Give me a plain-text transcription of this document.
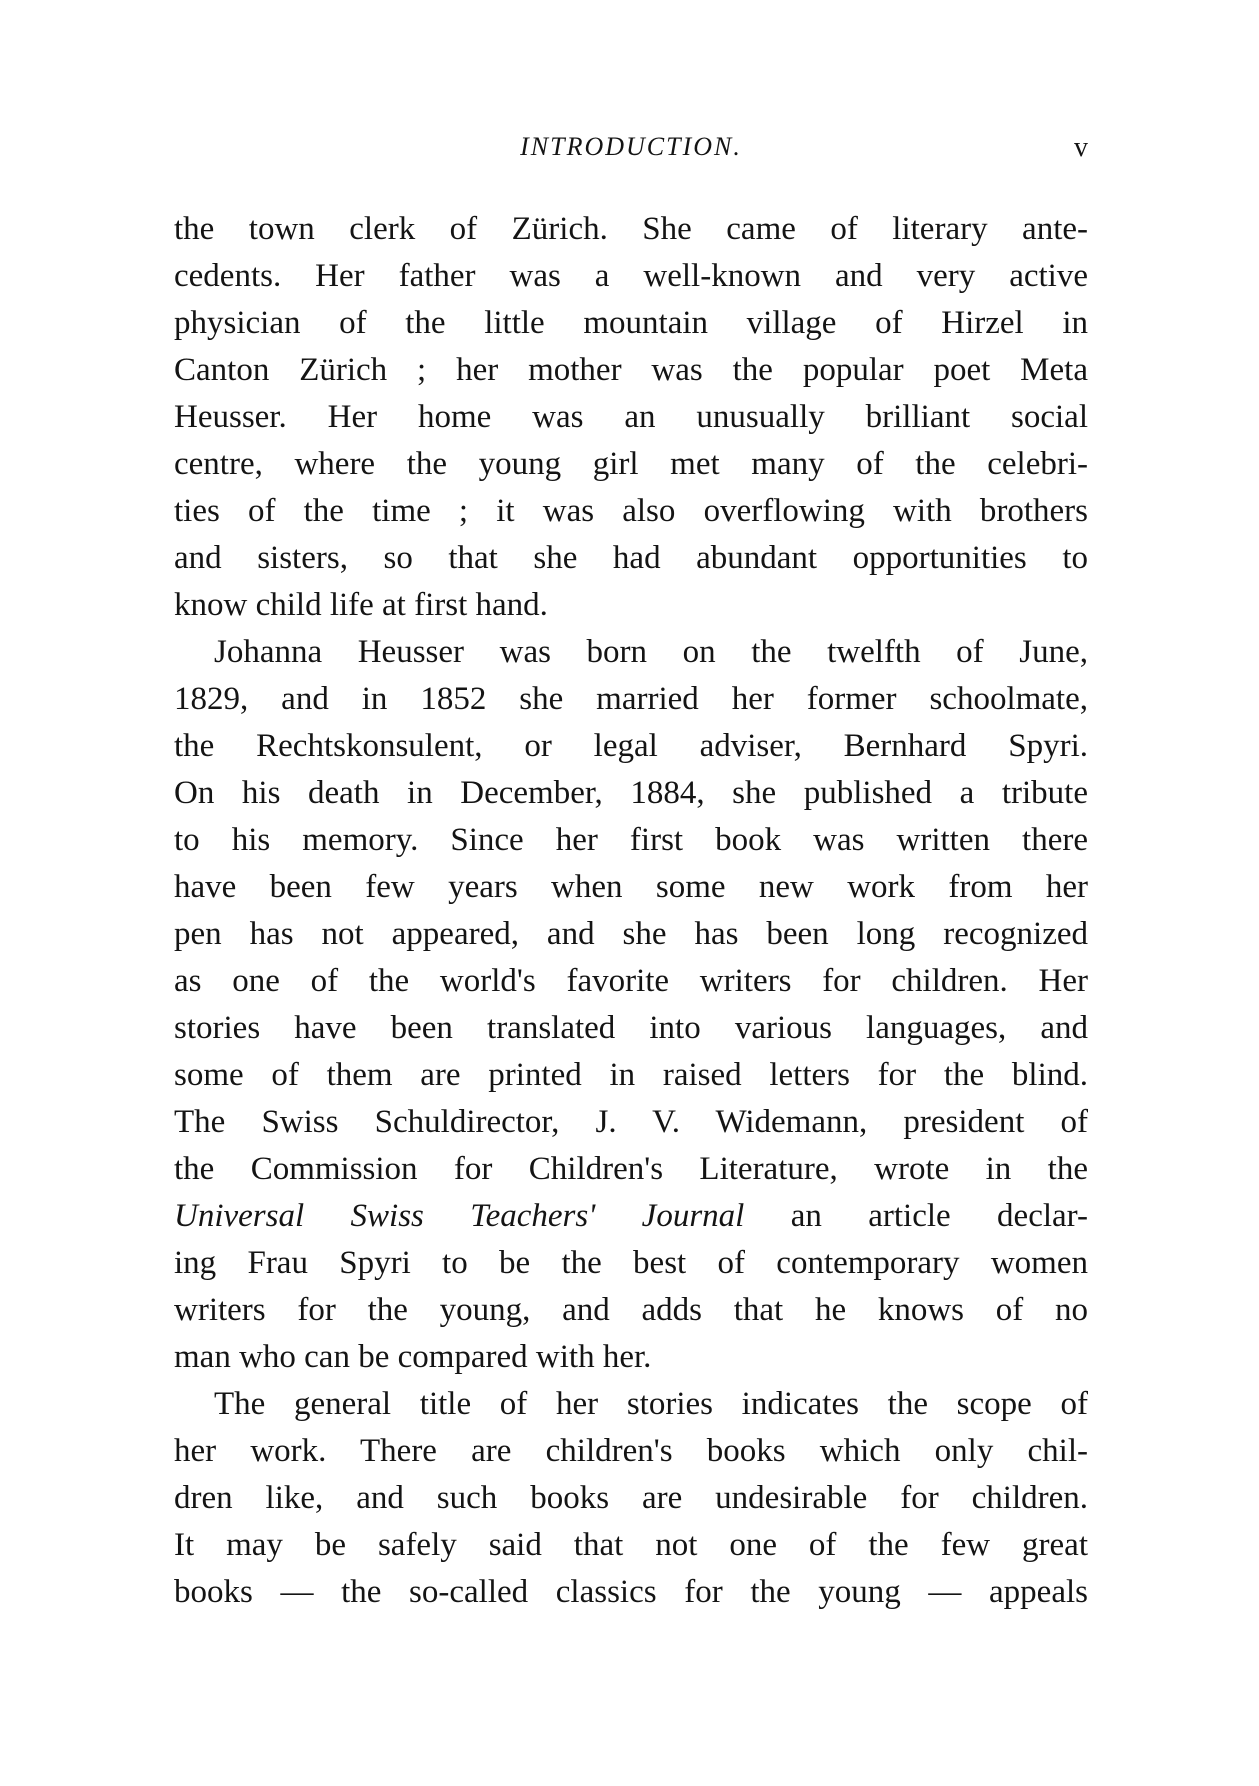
INTRODUCTION.	v
the town clerk of Zürich. She came of literary ante-
cedents. Her father was a well-known and very active
physician of the little mountain village of Hirzel in
Canton Zürich ; her mother was the popular poet Meta
Heusser. Her home was an unusually brilliant social
centre, where the young girl met many of the celebri-
ties of the time ; it was also overflowing with brothers
and sisters, so that she had abundant opportunities to
know child life at first hand.
Johanna Heusser was born on the twelfth of June,
1829, and in 1852 she married her former schoolmate,
the Rechtskonsulent, or legal adviser, Bernhard Spyri.
On his death in December, 1884, she published a tribute
to his memory. Since her first book was written there
have been few years when some new work from her
pen has not appeared, and she has been long recognized
as one of the world's favorite writers for children. Her
stories have been translated into various languages, and
some of them are printed in raised letters for the blind.
The Swiss Schuldirector, J. V. Widemann, president of
the Commission for Children's Literature, wrote in the
Universal Swiss Teachers' Journal an article declar-
ing Frau Spyri to be the best of contemporary women
writers for the young, and adds that he knows of no
man who can be compared with her.
The general title of her stories indicates the scope of
her work. There are children's books which only chil-
dren like, and such books are undesirable for children.
It may be safely said that not one of the few great
books — the so-called classics for the young — appeals
